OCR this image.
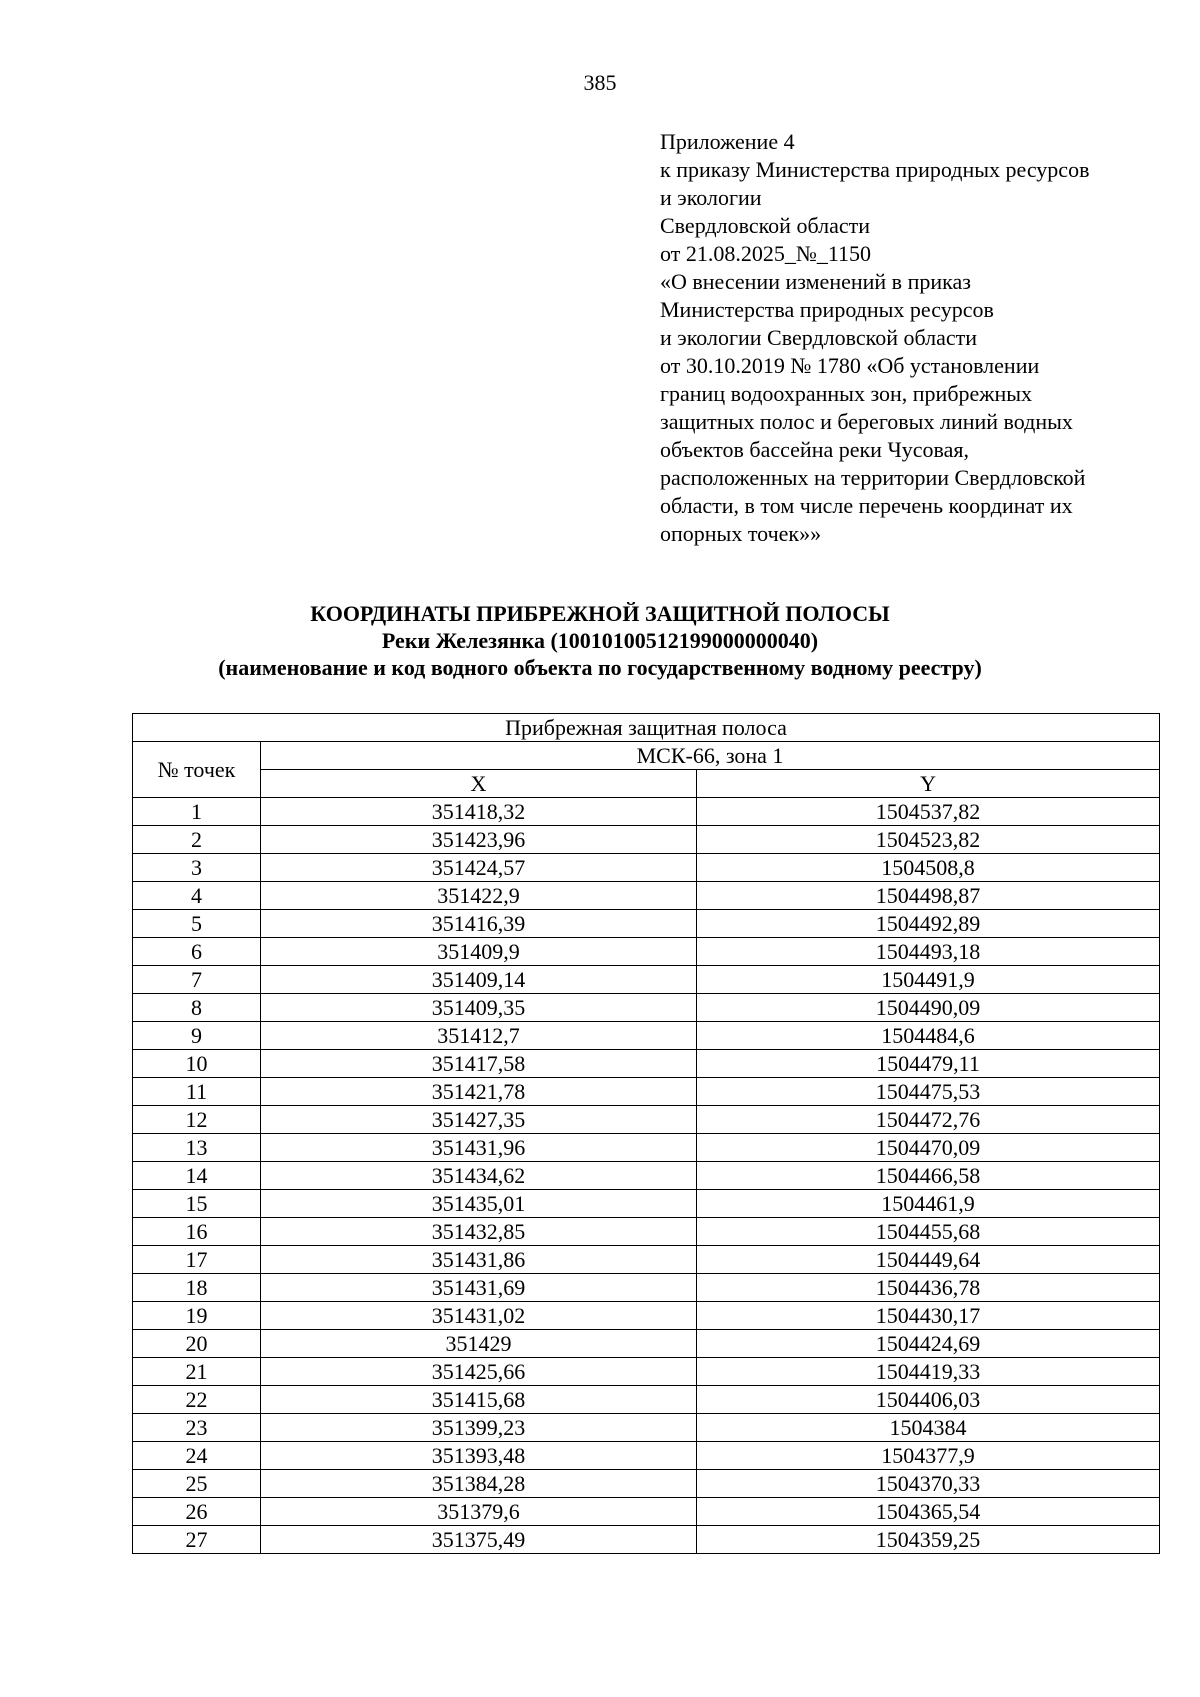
385
Приложение 4
к приказу Министерства природных ресурсов
и экологии
Свердловской области
от 21.08.2025_№_1150
«О внесении изменений в приказ
Министерства природных ресурсов
и экологии Свердловской области
от 30.10.2019 № 1780 «Об установлении
границ водоохранных зон, прибрежных
защитных полос и береговых линий водных
объектов бассейна реки Чусовая,
расположенных на территории Свердловской
области, в том числе перечень координат их
опорных точек»»
КООРДИНАТЫ ПРИБРЕЖНОЙ ЗАЩИТНОЙ ПОЛОСЫ
Реки Железянка (10010100512199000000040)
(наименование и код водного объекта по государственному водному реестру)
Прибрежная защитная полоса		
№ точек	МСК-66, зона 1	
	X	Y
1	351418,32	1504537,82
2	351423,96	1504523,82
3	351424,57	1504508,8
4	351422,9	1504498,87
5	351416,39	1504492,89
6	351409,9	1504493,18
7	351409,14	1504491,9
8	351409,35	1504490,09
9	351412,7	1504484,6
10	351417,58	1504479,11
11	351421,78	1504475,53
12	351427,35	1504472,76
13	351431,96	1504470,09
14	351434,62	1504466,58
15	351435,01	1504461,9
16	351432,85	1504455,68
17	351431,86	1504449,64
18	351431,69	1504436,78
19	351431,02	1504430,17
20	351429	1504424,69
21	351425,66	1504419,33
22	351415,68	1504406,03
23	351399,23	1504384
24	351393,48	1504377,9
25	351384,28	1504370,33
26	351379,6	1504365,54
27	351375,49	1504359,25
